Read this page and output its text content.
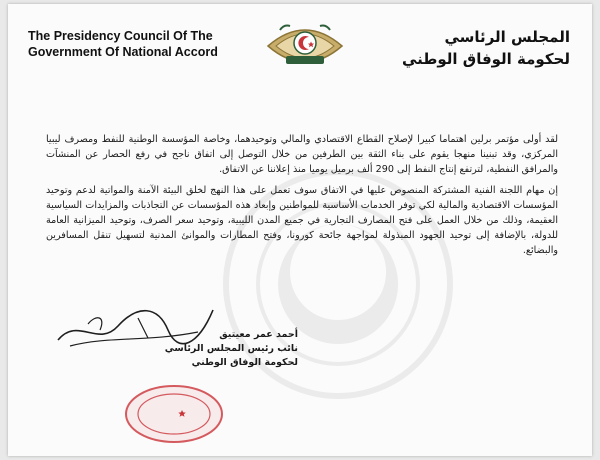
The Presidency Council Of The
Government Of National Accord
المجلس الرئاسي
لحكومة الوفاق الوطني

لقد أولى مؤتمر برلين اهتماما كبيرا لإصلاح القطاع الاقتصادي والمالي وتوحيدهما، وخاصة المؤسسة الوطنية للنفط ومصرف ليبيا المركزي، وقد تبنينا منهجا يقوم على بناء الثقة بين الطرفين من خلال التوصل إلى اتفاق ناجح في رفع الحصار عن المنشآت والمرافق النفطية، لترتفع إنتاج النفط إلى 290 ألف برميل يوميا منذ إعلاننا عن الاتفاق.

إن مهام اللجنة الفنية المشتركة المنصوص عليها في الاتفاق سوف تعمل على هذا النهج لخلق البيئة الآمنة والمواتية لدعم وتوحيد المؤسسات الاقتصادية والمالية لكي توفر الخدمات الأساسية للمواطنين وإبعاد هذه المؤسسات عن التجاذبات والمزايدات السياسية العقيمة، وذلك من خلال العمل على فتح المصارف التجارية في جميع المدن الليبية، وتوحيد سعر الصرف، وتوحيد الميزانية العامة للدولة، بالإضافة إلى توحيد الجهود المبذولة لمواجهة جائحة كورونا، وفتح المطارات والموانئ المدنية لتسهيل تنقل المسافرين والبضائع.

أحمد عمر معيتيق
نائب رئيس المجلس الرئاسي
لحكومة الوفاق الوطني
